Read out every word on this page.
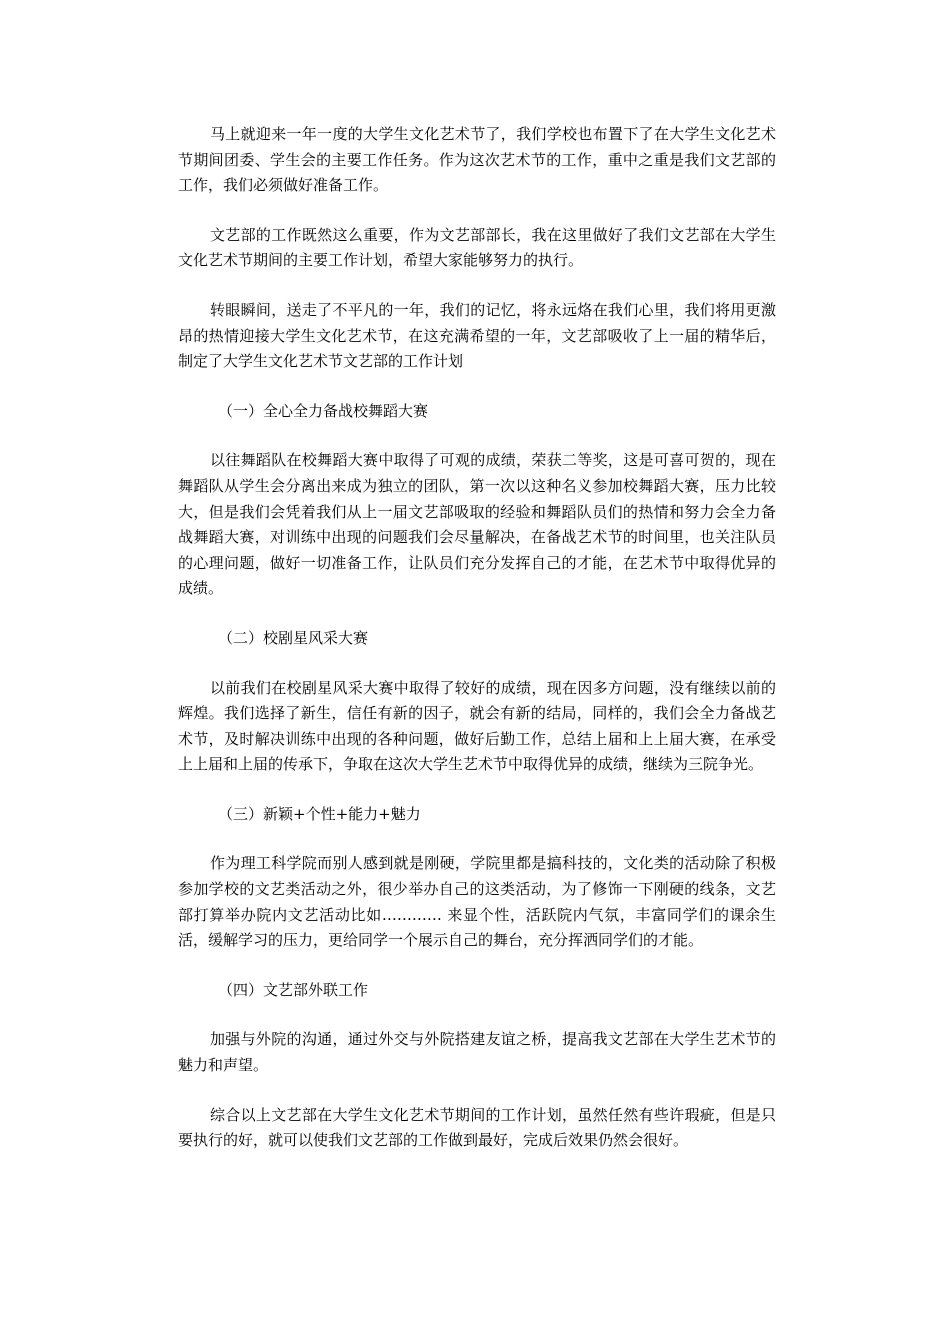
马上就迎来一年一度的大学生文化艺术节了，我们学校也布置下了在大学生文化艺术节期间团委、学生会的主要工作任务。作为这次艺术节的工作，重中之重是我们文艺部的工作，我们必须做好准备工作。

文艺部的工作既然这么重要，作为文艺部部长，我在这里做好了我们文艺部在大学生文化艺术节期间的主要工作计划，希望大家能够努力的执行。

转眼瞬间，送走了不平凡的一年，我们的记忆，将永远烙在我们心里，我们将用更激昂的热情迎接大学生文化艺术节，在这充满希望的一年，文艺部吸收了上一届的精华后，制定了大学生文化艺术节文艺部的工作计划

（一）全心全力备战校舞蹈大赛

以往舞蹈队在校舞蹈大赛中取得了可观的成绩，荣获二等奖，这是可喜可贺的，现在舞蹈队从学生会分离出来成为独立的团队，第一次以这种名义参加校舞蹈大赛，压力比较大，但是我们会凭着我们从上一届文艺部吸取的经验和舞蹈队员们的热情和努力会全力备战舞蹈大赛，对训练中出现的问题我们会尽量解决，在备战艺术节的时间里，也关注队员的心理问题，做好一切准备工作，让队员们充分发挥自己的才能，在艺术节中取得优异的成绩。

（二）校剧星风采大赛

以前我们在校剧星风采大赛中取得了较好的成绩，现在因多方问题，没有继续以前的辉煌。我们选择了新生，信任有新的因子，就会有新的结局，同样的，我们会全力备战艺术节，及时解决训练中出现的各种问题，做好后勤工作，总结上届和上上届大赛，在承受上上届和上届的传承下，争取在这次大学生艺术节中取得优异的成绩，继续为三院争光。

（三）新颖+个性+能力+魅力

作为理工科学院而别人感到就是刚硬，学院里都是搞科技的，文化类的活动除了积极参加学校的文艺类活动之外，很少举办自己的这类活动，为了修饰一下刚硬的线条，文艺部打算举办院内文艺活动比如………… 来显个性，活跃院内气氛，丰富同学们的课余生活，缓解学习的压力，更给同学一个展示自己的舞台，充分挥洒同学们的才能。

（四）文艺部外联工作

加强与外院的沟通，通过外交与外院搭建友谊之桥，提高我文艺部在大学生艺术节的魅力和声望。

综合以上文艺部在大学生文化艺术节期间的工作计划，虽然任然有些许瑕疵，但是只要执行的好，就可以使我们文艺部的工作做到最好，完成后效果仍然会很好。
